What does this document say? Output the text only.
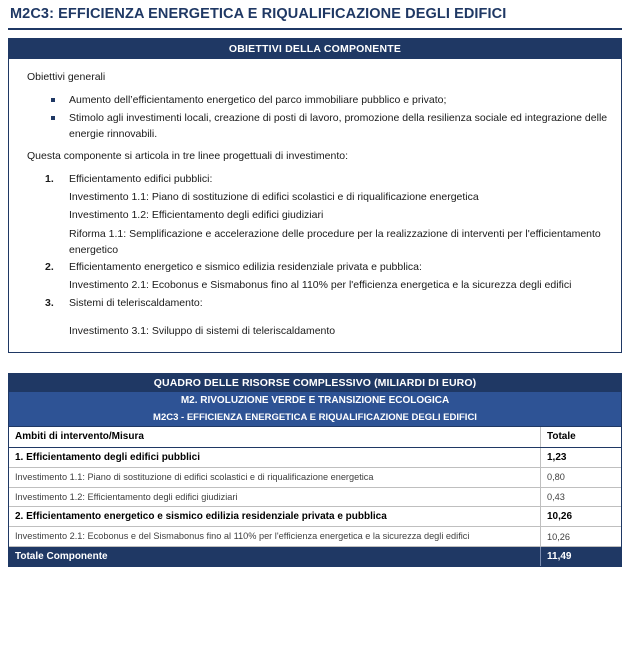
M2C3: EFFICIENZA ENERGETICA E RIQUALIFICAZIONE DEGLI EDIFICI
OBIETTIVI DELLA COMPONENTE

Obiettivi generali

Aumento dell’efficientamento energetico del parco immobiliare pubblico e privato;
Stimolo agli investimenti locali, creazione di posti di lavoro, promozione della resilienza sociale ed integrazione delle energie rinnovabili.

Questa componente si articola in tre linee progettuali di investimento:

Efficientamento edifici pubblici:
Investimento 1.1: Piano di sostituzione di edifici scolastici e di riqualificazione energetica
Investimento 1.2: Efficientamento degli edifici giudiziari
Riforma 1.1: Semplificazione e accelerazione delle procedure per la realizzazione di interventi per l'efficientamento energetico
Efficientamento energetico e sismico edilizia residenziale privata e pubblica:
Investimento 2.1: Ecobonus e Sismabonus fino al 110% per l'efficienza energetica e la sicurezza degli edifici
Sistemi di teleriscaldamento:
Investimento 3.1: Sviluppo di sistemi di teleriscaldamento
QUADRO DELLE RISORSE COMPLESSIVO (MILIARDI DI EURO)
M2. RIVOLUZIONE VERDE E TRANSIZIONE ECOLOGICA
M2C3 - EFFICIENZA ENERGETICA E RIQUALIFICAZIONE DEGLI EDIFICI
Ambiti di intervento/Misura	Totale
1. Efficientamento degli edifici pubblici	1,23
Investimento 1.1: Piano di sostituzione di edifici scolastici e di riqualificazione energetica	0,80
Investimento 1.2: Efficientamento degli edifici giudiziari	0,43
2. Efficientamento energetico e sismico edilizia residenziale privata e pubblica	10,26
Investimento 2.1: Ecobonus e del Sismabonus fino al 110% per l'efficienza energetica e la sicurezza degli edifici	10,26
Totale Componente	11,49
